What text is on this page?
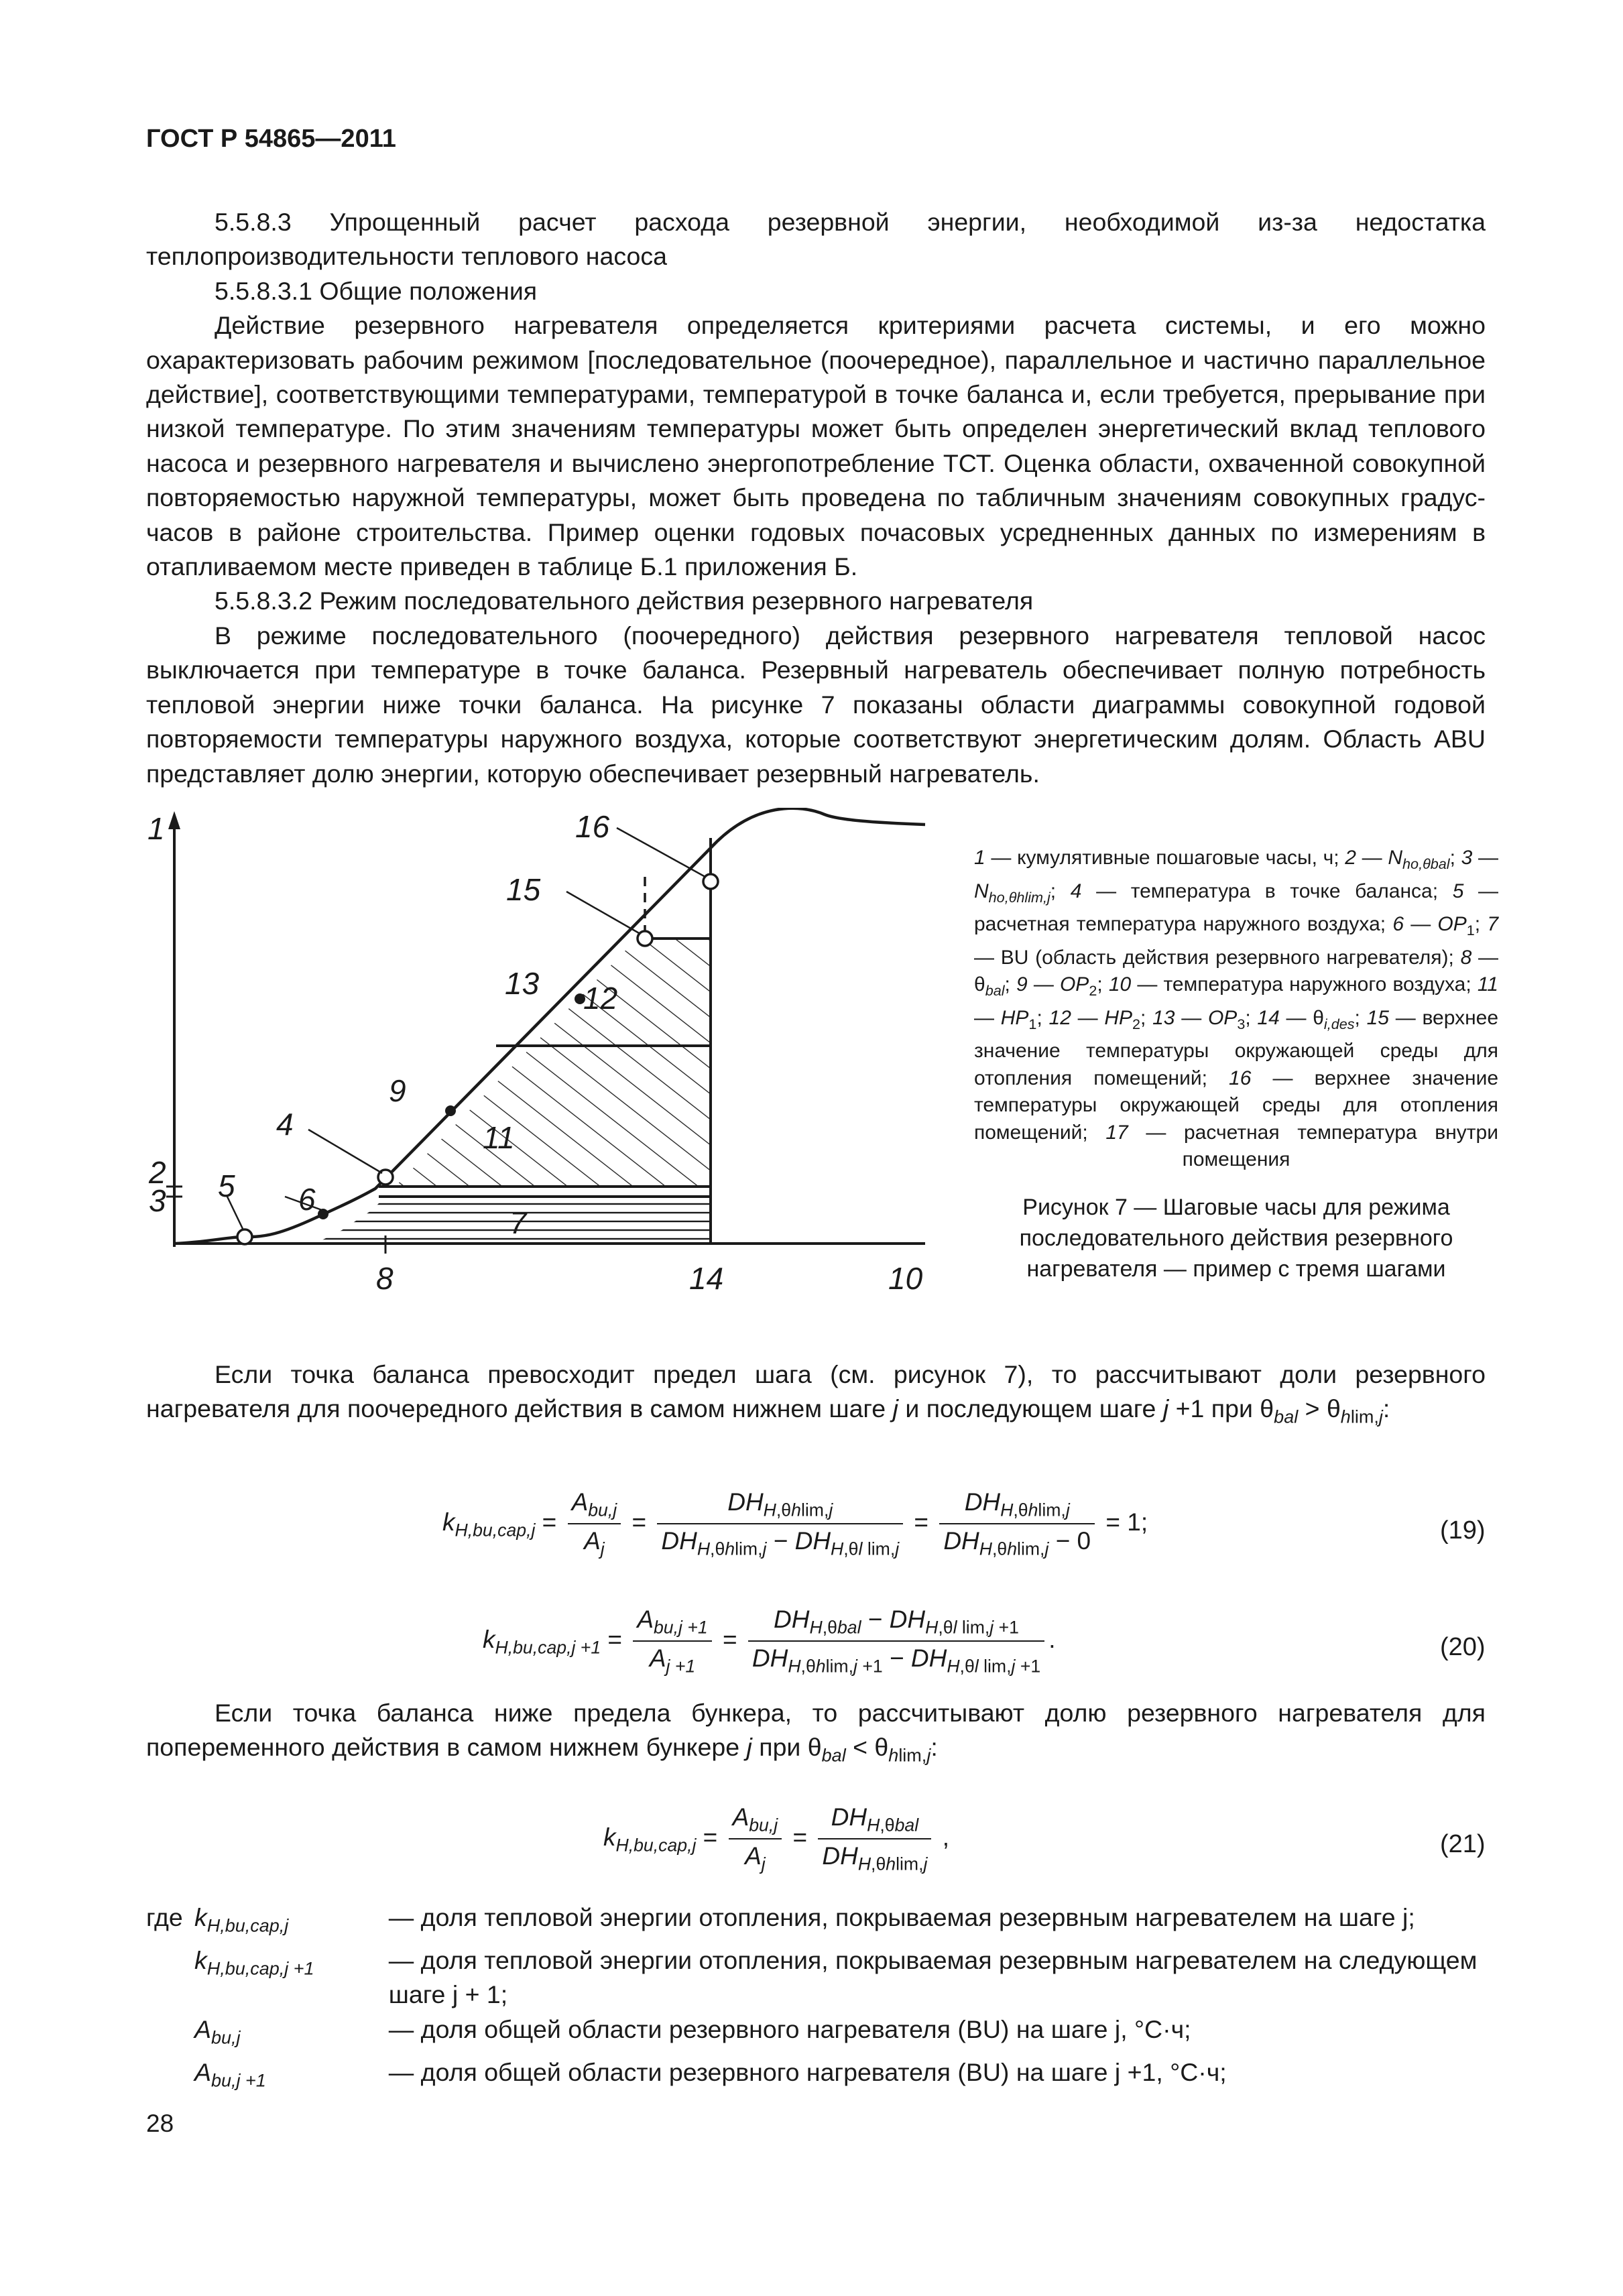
ГОСТ Р 54865—2011

5.5.8.3 Упрощенный расчет расхода резервной энергии, необходимой из-за недостатка теплопроизводительности теплового насоса

5.5.8.3.1 Общие положения

Действие резервного нагревателя определяется критериями расчета системы, и его можно охарактеризовать рабочим режимом [последовательное (поочередное), параллельное и частично параллельное действие], соответствующими температурами, температурой в точке баланса и, если требуется, прерывание при низкой температуре. По этим значениям температуры может быть определен энергетический вклад теплового насоса и резервного нагревателя и вычислено энергопотребление ТСТ. Оценка области, охваченной совокупной повторяемостью наружной температуры, может быть проведена по табличным значениям совокупных градус-часов в районе строительства. Пример оценки годовых почасовых усредненных данных по измерениям в отапливаемом месте приведен в таблице Б.1 приложения Б.

5.5.8.3.2 Режим последовательного действия резервного нагревателя

В режиме последовательного (поочередного) действия резервного нагревателя тепловой насос выключается при температуре в точке баланса. Резервный нагреватель обеспечивает полную потребность тепловой энергии ниже точки баланса. На рисунке 7 показаны области диаграммы совокупной годовой повторяемости температуры наружного воздуха, которые соответствуют энергетическим долям. Область ABU представляет долю энергии, которую обеспечивает резервный нагреватель.

1
2
3 5 6
4
9
11
13 12
15
16
7
8	14	10
1 — кумулятивные пошаговые часы, ч; 2 — $N_{ho,\theta bal}$; 3 — $N_{ho,\theta hlim,j}$; 4 — температура в точке баланса; 5 — расчетная температура наружного воздуха; 6 — $OP_1$; 7 — BU (область действия резервного нагревателя); 8 — $\theta_{bal}$; 9 — $OP_2$; 10 — температура наружного воздуха; 11 — $HP_1$; 12 — $HP_2$; 13 — $OP_3$; 14 — $\theta_{i,des}$; 15 — верхнее значение температуры окружающей среды для отопления помещений; 16 — верхнее значение температуры окружающей среды для отопления помещений; 17 — расчетная температура внутри помещения
Рисунок 7 — Шаговые часы для режима последовательного действия резервного нагревателя — пример с тремя шагами

Если точка баланса превосходит предел шага (см. рисунок 7), то рассчитывают доли резервного нагревателя для поочередного действия в самом нижнем шаге j и последующем шаге j +1 при $\theta_{bal} > \theta_{hlim,j}$:

$k_{H,bu,cap,j} = \frac{A_{bu,j}}{A_j} = \frac{DH_{H,\theta hlim,j}}{DH_{H,\theta hlim,j} - DH_{H,\theta l lim,j}} = \frac{DH_{H,\theta hlim,j}}{DH_{H,\theta hlim,j} - 0} = 1$;	(19)
$k_{H,bu,cap,j +1} = \frac{A_{bu,j +1}}{A_{j +1}} = \frac{DH_{H,\theta bal} - DH_{H,\theta l lim,j +1}}{DH_{H,\theta hlim,j +1} - DH_{H,\theta l lim,j +1}}$ .	(20)

Если точка баланса ниже предела бункера, то рассчитывают долю резервного нагревателя для попеременного действия в самом нижнем бункере j при $\theta_{bal} < \theta_{hlim,j}$:

$k_{H,bu,cap,j} = \frac{A_{bu,j}}{A_j} = \frac{DH_{H,\theta bal}}{DH_{H,\theta hlim,j}}$ ,	(21)
где	$k_{H,bu,cap,j}$	— доля тепловой энергии отопления, покрываемая резервным нагревателем на шаге j;
	$k_{H,bu,cap,j +1}$	— доля тепловой энергии отопления, покрываемая резервным нагревателем на следующем шаге j + 1;
	$A_{bu,j}$	— доля общей области резервного нагревателя (BU) на шаге j, °С·ч;
	$A_{bu,j +1}$	— доля общей области резервного нагревателя (BU) на шаге j +1, °С·ч;
28
